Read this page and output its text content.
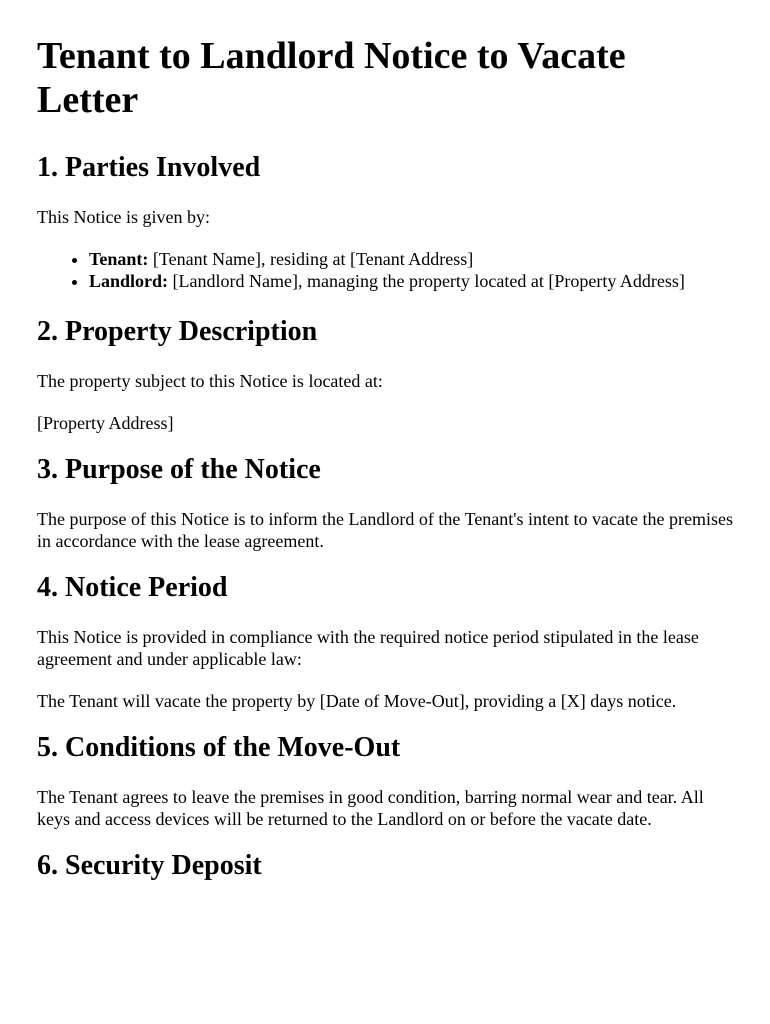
Tenant to Landlord Notice to Vacate Letter
1. Parties Involved

This Notice is given by:

• Tenant: [Tenant Name], residing at [Tenant Address]
• Landlord: [Landlord Name], managing the property located at [Property Address]
2. Property Description

The property subject to this Notice is located at:

[Property Address]

3. Purpose of the Notice

The purpose of this Notice is to inform the Landlord of the Tenant's intent to vacate the premises in accordance with the lease agreement.

4. Notice Period

This Notice is provided in compliance with the required notice period stipulated in the lease agreement and under applicable law:

The Tenant will vacate the property by [Date of Move-Out], providing a [X] days notice.

5. Conditions of the Move-Out

The Tenant agrees to leave the premises in good condition, barring normal wear and tear. All keys and access devices will be returned to the Landlord on or before the vacate date.

6. Security Deposit
